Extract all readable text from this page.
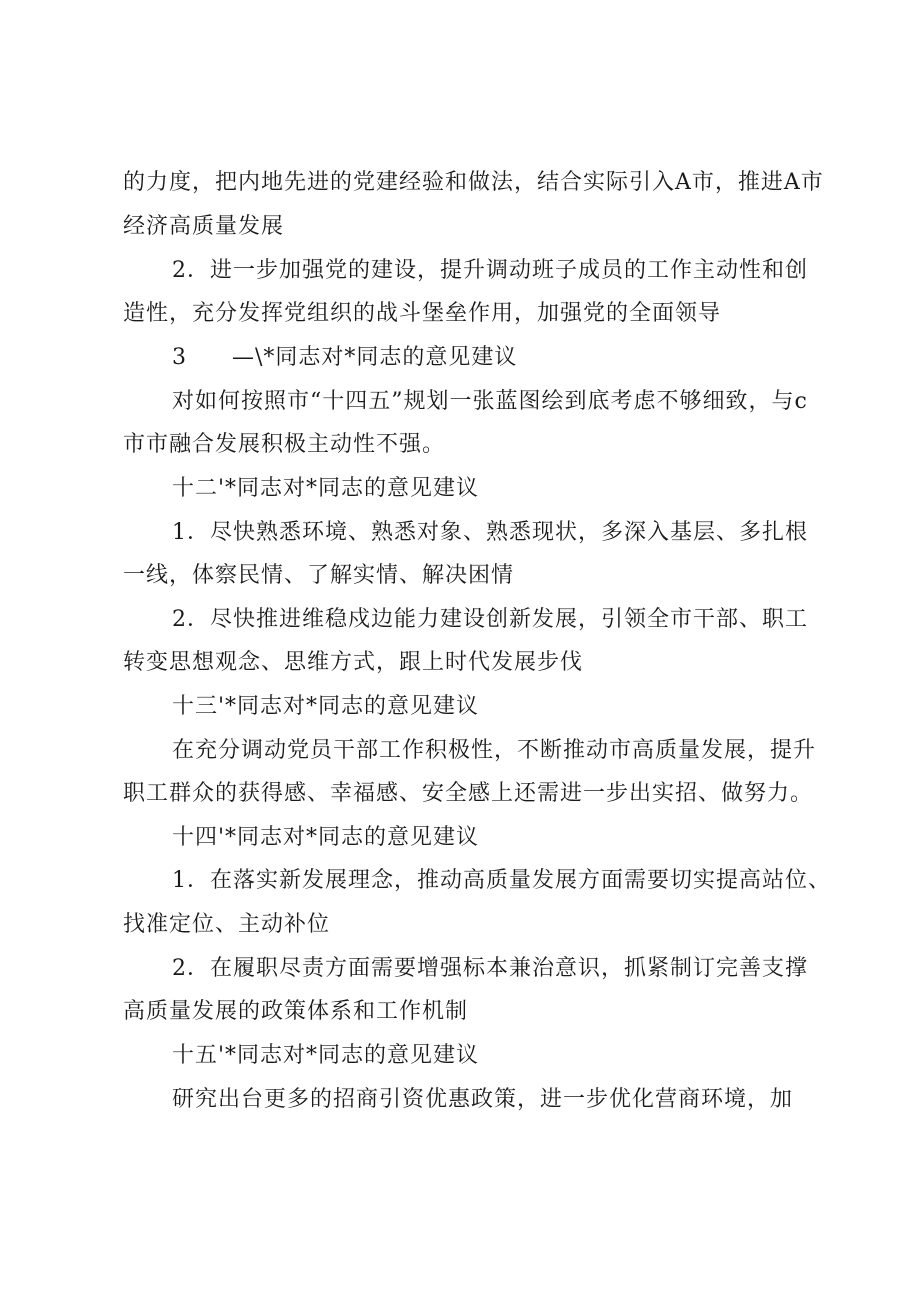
的力度，把内地先进的党建经验和做法，结合实际引入A市，推进A市
经济高质量发展
2．进一步加强党的建设，提升调动班子成员的工作主动性和创
造性，充分发挥党组织的战斗堡垒作用，加强党的全面领导
3 —\*同志对*同志的意见建议
对如何按照市“十四五”规划一张蓝图绘到底考虑不够细致，与c
市市融合发展积极主动性不强。
十二'*同志对*同志的意见建议
1．尽快熟悉环境、熟悉对象、熟悉现状，多深入基层、多扎根
一线，体察民情、了解实情、解决困情
2．尽快推进维稳戍边能力建设创新发展，引领全市干部、职工
转变思想观念、思维方式，跟上时代发展步伐
十三'*同志对*同志的意见建议
在充分调动党员干部工作积极性，不断推动市高质量发展，提升
职工群众的获得感、幸福感、安全感上还需进一步出实招、做努力。
十四'*同志对*同志的意见建议
1．在落实新发展理念，推动高质量发展方面需要切实提高站位、
找准定位、主动补位
2．在履职尽责方面需要增强标本兼治意识，抓紧制订完善支撑
高质量发展的政策体系和工作机制
十五'*同志对*同志的意见建议
研究出台更多的招商引资优惠政策，进一步优化营商环境，加
